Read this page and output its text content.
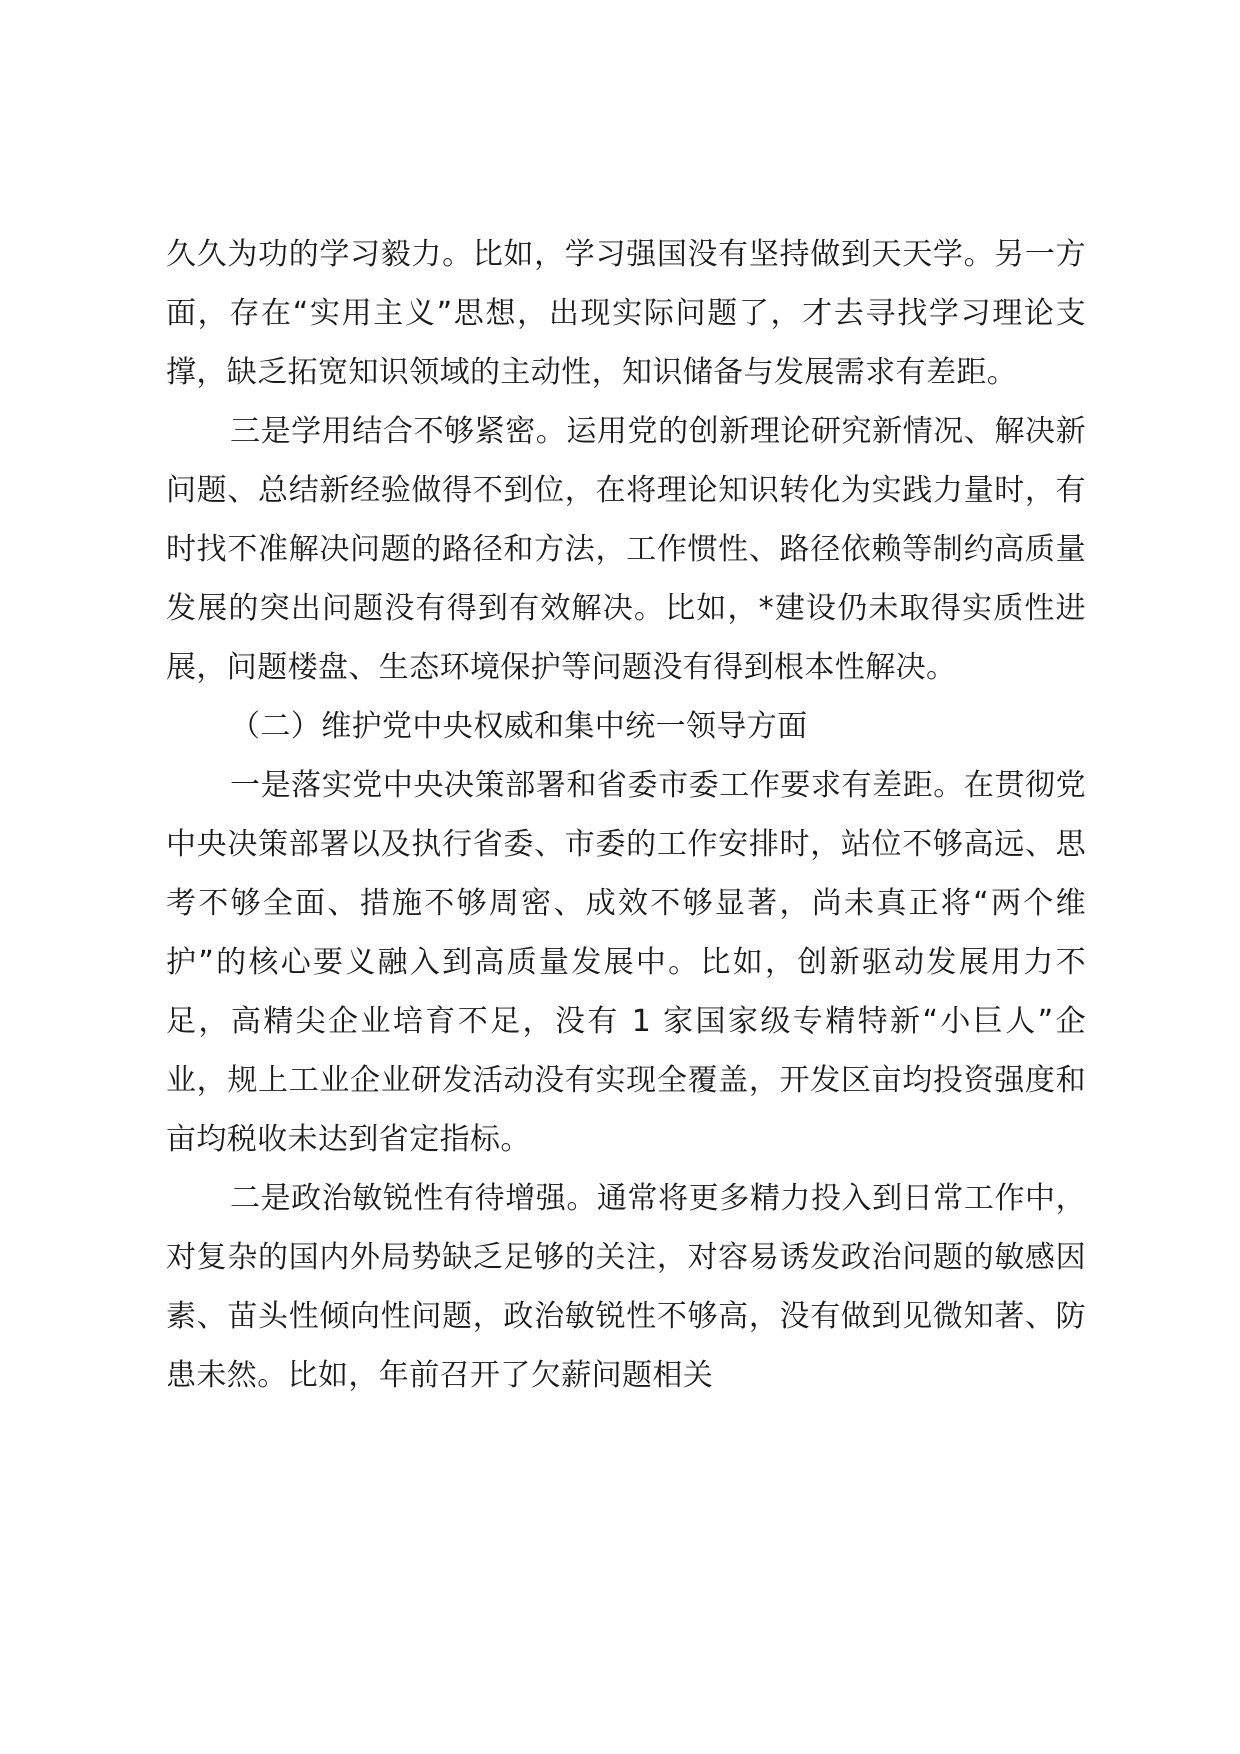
久久为功的学习毅力。比如，学习强国没有坚持做到天天学。另一方面，存在“实用主义”思想，出现实际问题了，才去寻找学习理论支撑，缺乏拓宽知识领域的主动性，知识储备与发展需求有差距。

三是学用结合不够紧密。运用党的创新理论研究新情况、解决新问题、总结新经验做得不到位，在将理论知识转化为实践力量时，有时找不准解决问题的路径和方法，工作惯性、路径依赖等制约高质量发展的突出问题没有得到有效解决。比如，*建设仍未取得实质性进展，问题楼盘、生态环境保护等问题没有得到根本性解决。

（二）维护党中央权威和集中统一领导方面

一是落实党中央决策部署和省委市委工作要求有差距。在贯彻党中央决策部署以及执行省委、市委的工作安排时，站位不够高远、思考不够全面、措施不够周密、成效不够显著，尚未真正将“两个维护”的核心要义融入到高质量发展中。比如，创新驱动发展用力不足，高精尖企业培育不足，没有 1 家国家级专精特新“小巨人”企业，规上工业企业研发活动没有实现全覆盖，开发区亩均投资强度和亩均税收未达到省定指标。

二是政治敏锐性有待增强。通常将更多精力投入到日常工作中，对复杂的国内外局势缺乏足够的关注，对容易诱发政治问题的敏感因素、苗头性倾向性问题，政治敏锐性不够高，没有做到见微知著、防患未然。比如，年前召开了欠薪问题相关
